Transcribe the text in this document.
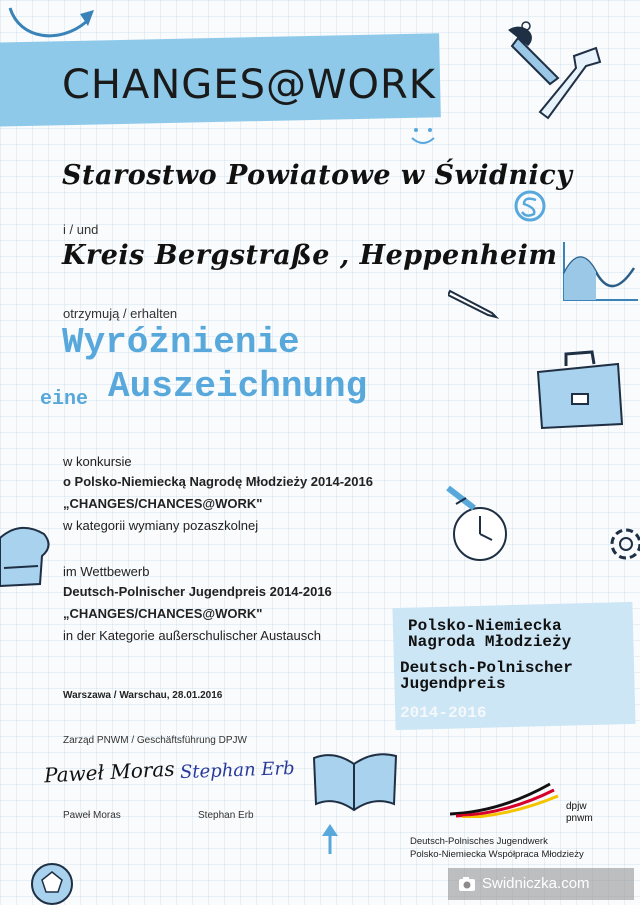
CHANGES@WORK
Starostwo Powiatowe w Świdnicy
i / und
Kreis Bergstraße , Heppenheim
otrzymują / erhalten
Wyróżnienie
eine Auszeichnung
w konkursie
o Polsko-Niemiecką Nagrodę Młodzieży 2014-2016
„CHANGES/CHANCES@WORK"
w kategorii wymiany pozaszkolnej
im Wettbewerb
Deutsch-Polnischer Jugendpreis 2014-2016
„CHANGES/CHANCES@WORK"
in der Kategorie außerschulischer Austausch
Polsko-Niemiecka
Nagroda Młodzieży
Deutsch-Polnischer
Jugendpreis
2014-2016
Warszawa / Warschau, 28.01.2016
Zarząd PNWM / Geschäftsführung DPJW
Paweł Moras Stephan Erb
Paweł Moras	Stephan Erb
dpjw
pnwm
Deutsch-Polnisches Jugendwerk
Polsko-Niemiecka Współpraca Młodzieży
Swidniczka.com
